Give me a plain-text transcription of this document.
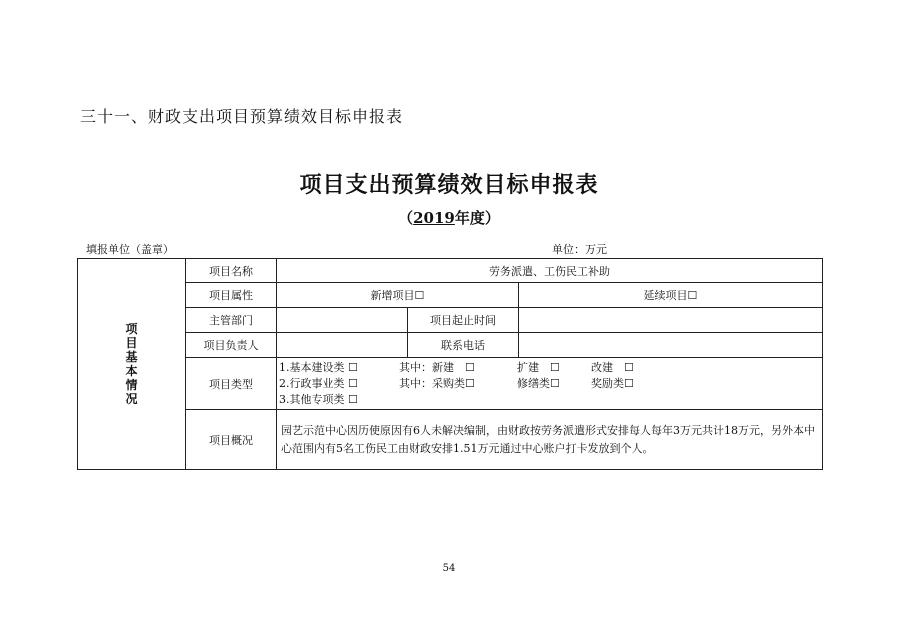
三十一、财政支出项目预算绩效目标申报表
项目支出预算绩效目标申报表
（2019年度）
填报单位（盖章）	单位：万元
项目基本情况	项目名称	劳务派遣、工伤民工补助		
	项目属性	新增项目☐		延续项目☐
	主管部门		项目起止时间	
	项目负责人		联系电话	
	项目类型	1.基本建设类 ☐ 其中：新建　☐ 扩建　☐ 改建　☐
2.行政事业类 ☐ 其中：采购类☐ 修缮类☐ 奖励类☐
3.其他专项类 ☐		

	项目概况	园艺示范中心因历使原因有6人未解决编制，由财政按劳务派遣形式安排每人每年3万元共计18万元，另外本中心范围内有5名工伤民工由财政安排1.51万元通过中心账户打卡发放到个人。		
54
